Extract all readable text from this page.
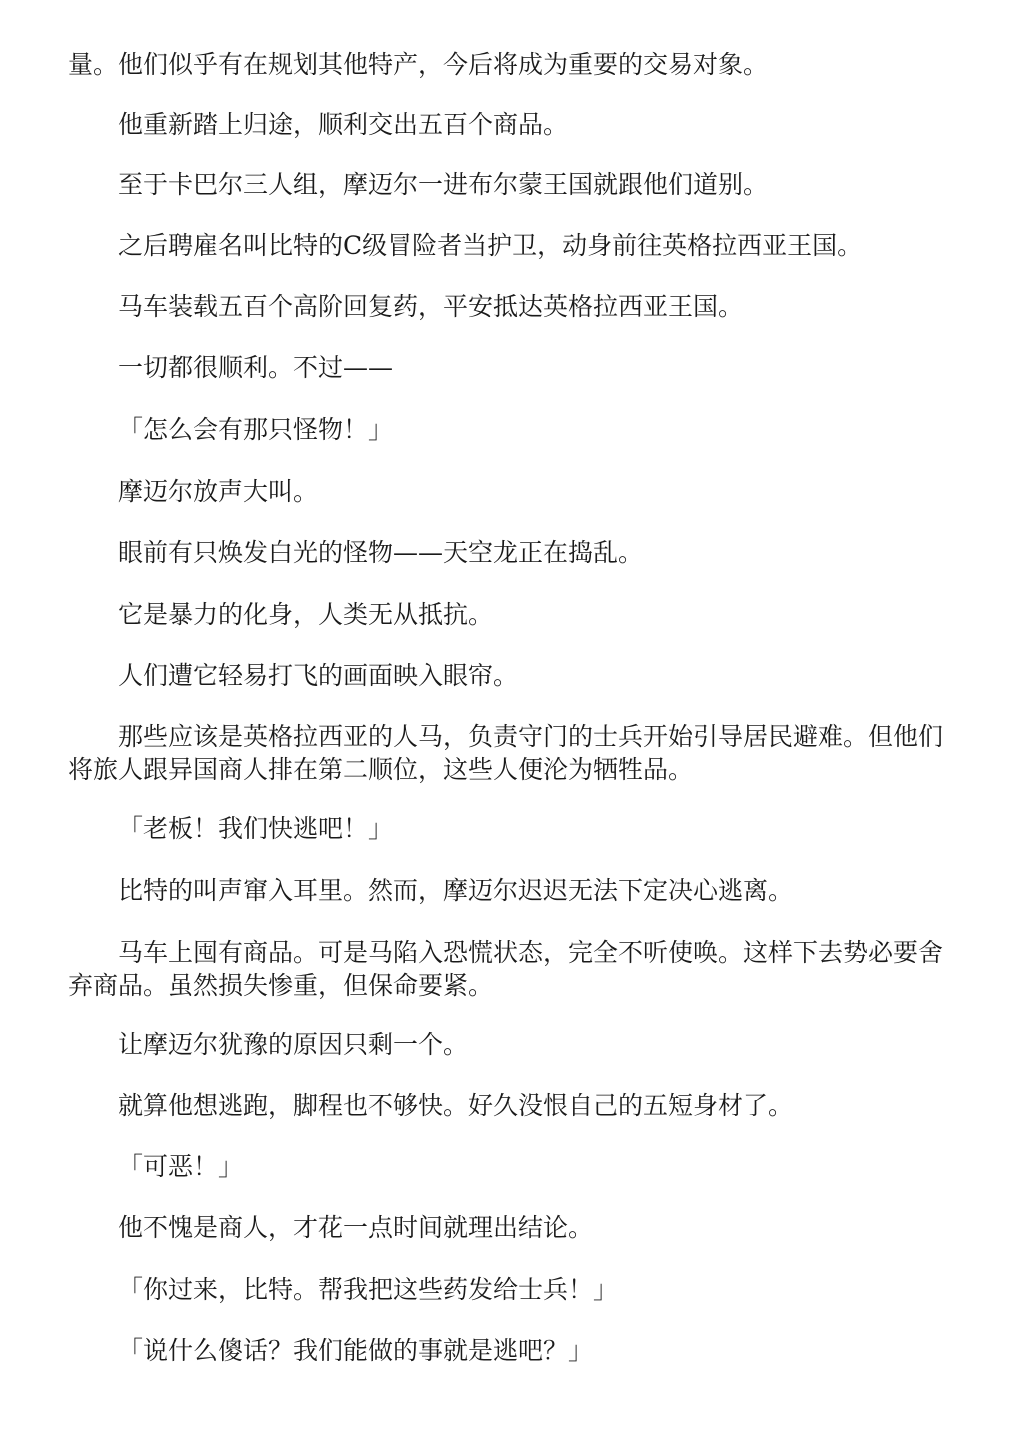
量。他们似乎有在规划其他特产，今后将成为重要的交易对象。

他重新踏上归途，顺利交出五百个商品。

至于卡巴尔三人组，摩迈尔一进布尔蒙王国就跟他们道别。

之后聘雇名叫比特的C级冒险者当护卫，动身前往英格拉西亚王国。

马车装载五百个高阶回复药，平安抵达英格拉西亚王国。

一切都很顺利。不过——

「怎么会有那只怪物！」

摩迈尔放声大叫。

眼前有只焕发白光的怪物——天空龙正在捣乱。

它是暴力的化身，人类无从抵抗。

人们遭它轻易打飞的画面映入眼帘。

那些应该是英格拉西亚的人马，负责守门的士兵开始引导居民避难。但他们将旅人跟异国商人排在第二顺位，这些人便沦为牺牲品。

「老板！我们快逃吧！」

比特的叫声窜入耳里。然而，摩迈尔迟迟无法下定决心逃离。

马车上囤有商品。可是马陷入恐慌状态，完全不听使唤。这样下去势必要舍弃商品。虽然损失惨重，但保命要紧。

让摩迈尔犹豫的原因只剩一个。

就算他想逃跑，脚程也不够快。好久没恨自己的五短身材了。

「可恶！」

他不愧是商人，才花一点时间就理出结论。

「你过来，比特。帮我把这些药发给士兵！」

「说什么傻话？我们能做的事就是逃吧？」
